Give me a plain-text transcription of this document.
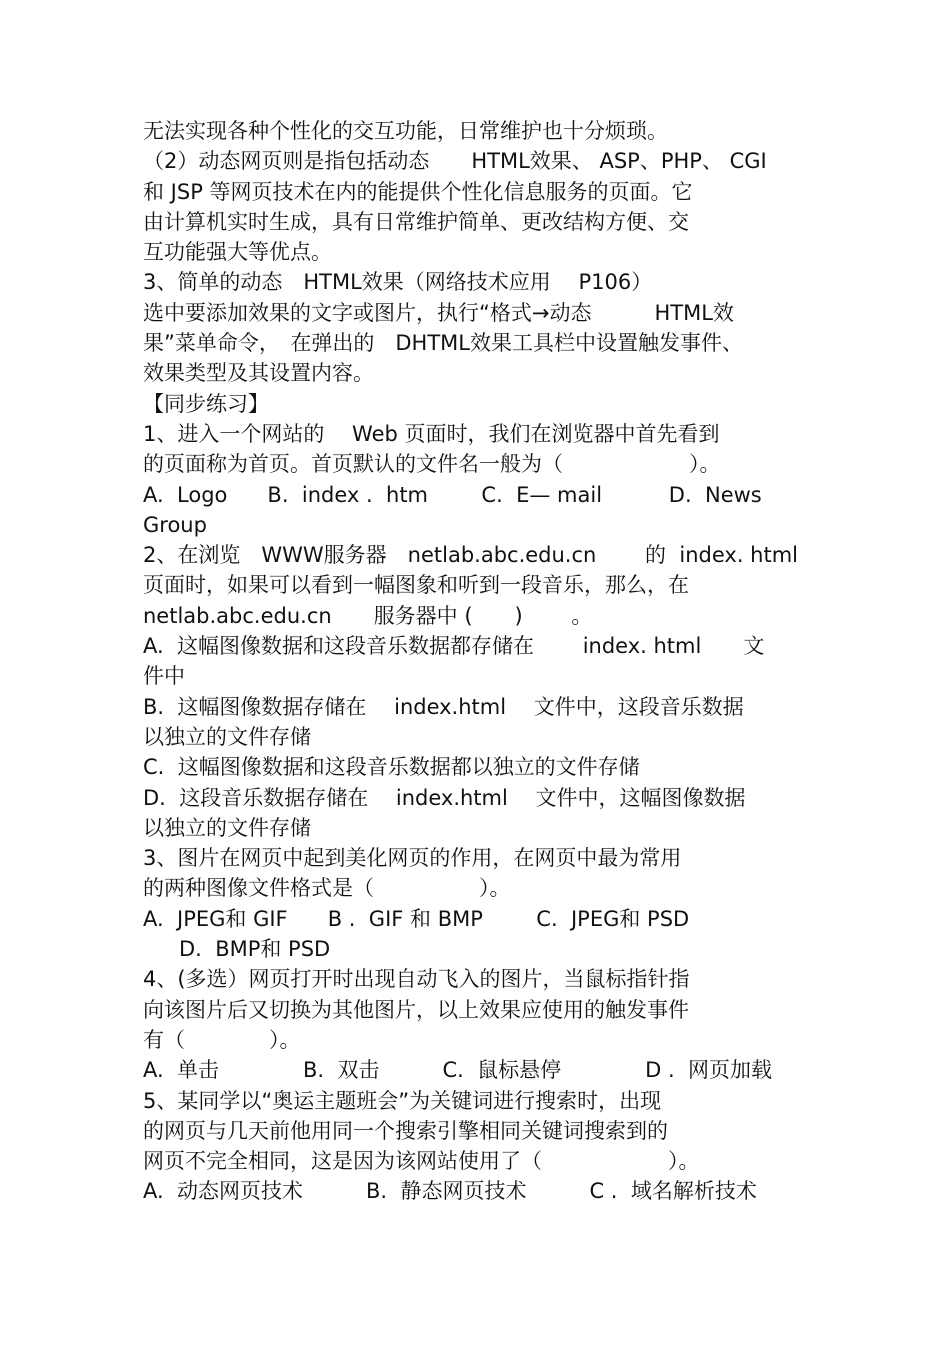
无法实现各种个性化的交互功能，日常维护也十分烦琐。
（2）动态网页则是指包括动态　　HTML效果、 ASP、PHP、 CGI
和 JSP 等网页技术在内的能提供个性化信息服务的页面。它
由计算机实时生成，具有日常维护简单、更改结构方便、交
互功能强大等优点。
3、简单的动态　HTML效果（网络技术应用　 P106）
选中要添加效果的文字或图片，执行“格式→动态　　　HTML效
果”菜单命令，　在弹出的　DHTML效果工具栏中设置触发事件、
效果类型及其设置内容。
【同步练习】
1、进入一个网站的　 Web 页面时，我们在浏览器中首先看到
的页面称为首页。首页默认的文件名一般为（　　　　　　）。
A.  Logo      B.  index .  htm        C.  E— mail          D.  News
Group
2、在浏览　WWW服务器　netlab.abc.edu.cn　　 的  index. html
页面时，如果可以看到一幅图象和听到一段音乐，那么，在
netlab.abc.edu.cn　　服务器中 (　　)　　 。
A.  这幅图像数据和这段音乐数据都存储在　　 index. html　　文
件中
B.  这幅图像数据存储在　 index.html　 文件中，这段音乐数据
以独立的文件存储
C.  这幅图像数据和这段音乐数据都以独立的文件存储
D.  这段音乐数据存储在　 index.html　 文件中，这幅图像数据
以独立的文件存储
3、图片在网页中起到美化网页的作用，在网页中最为常用
的两种图像文件格式是（　　　　　）。
A.  JPEG和 GIF      B .  GIF 和 BMP        C.  JPEG和 PSD
D.  BMP和 PSD
4、(多选）网页打开时出现自动飞入的图片，当鼠标指针指
向该图片后又切换为其他图片，以上效果应使用的触发事件
有（　　　　）。
A.  单击　　　　B.  双击　　　C.  鼠标悬停　　　　D .  网页加载
5、某同学以“奥运主题班会”为关键词进行搜索时，出现
的网页与几天前他用同一个搜索引擎相同关键词搜索到的
网页不完全相同，这是因为该网站使用了（　　　　　　）。
A.  动态网页技术　　　B.  静态网页技术　　　C .  域名解析技术
